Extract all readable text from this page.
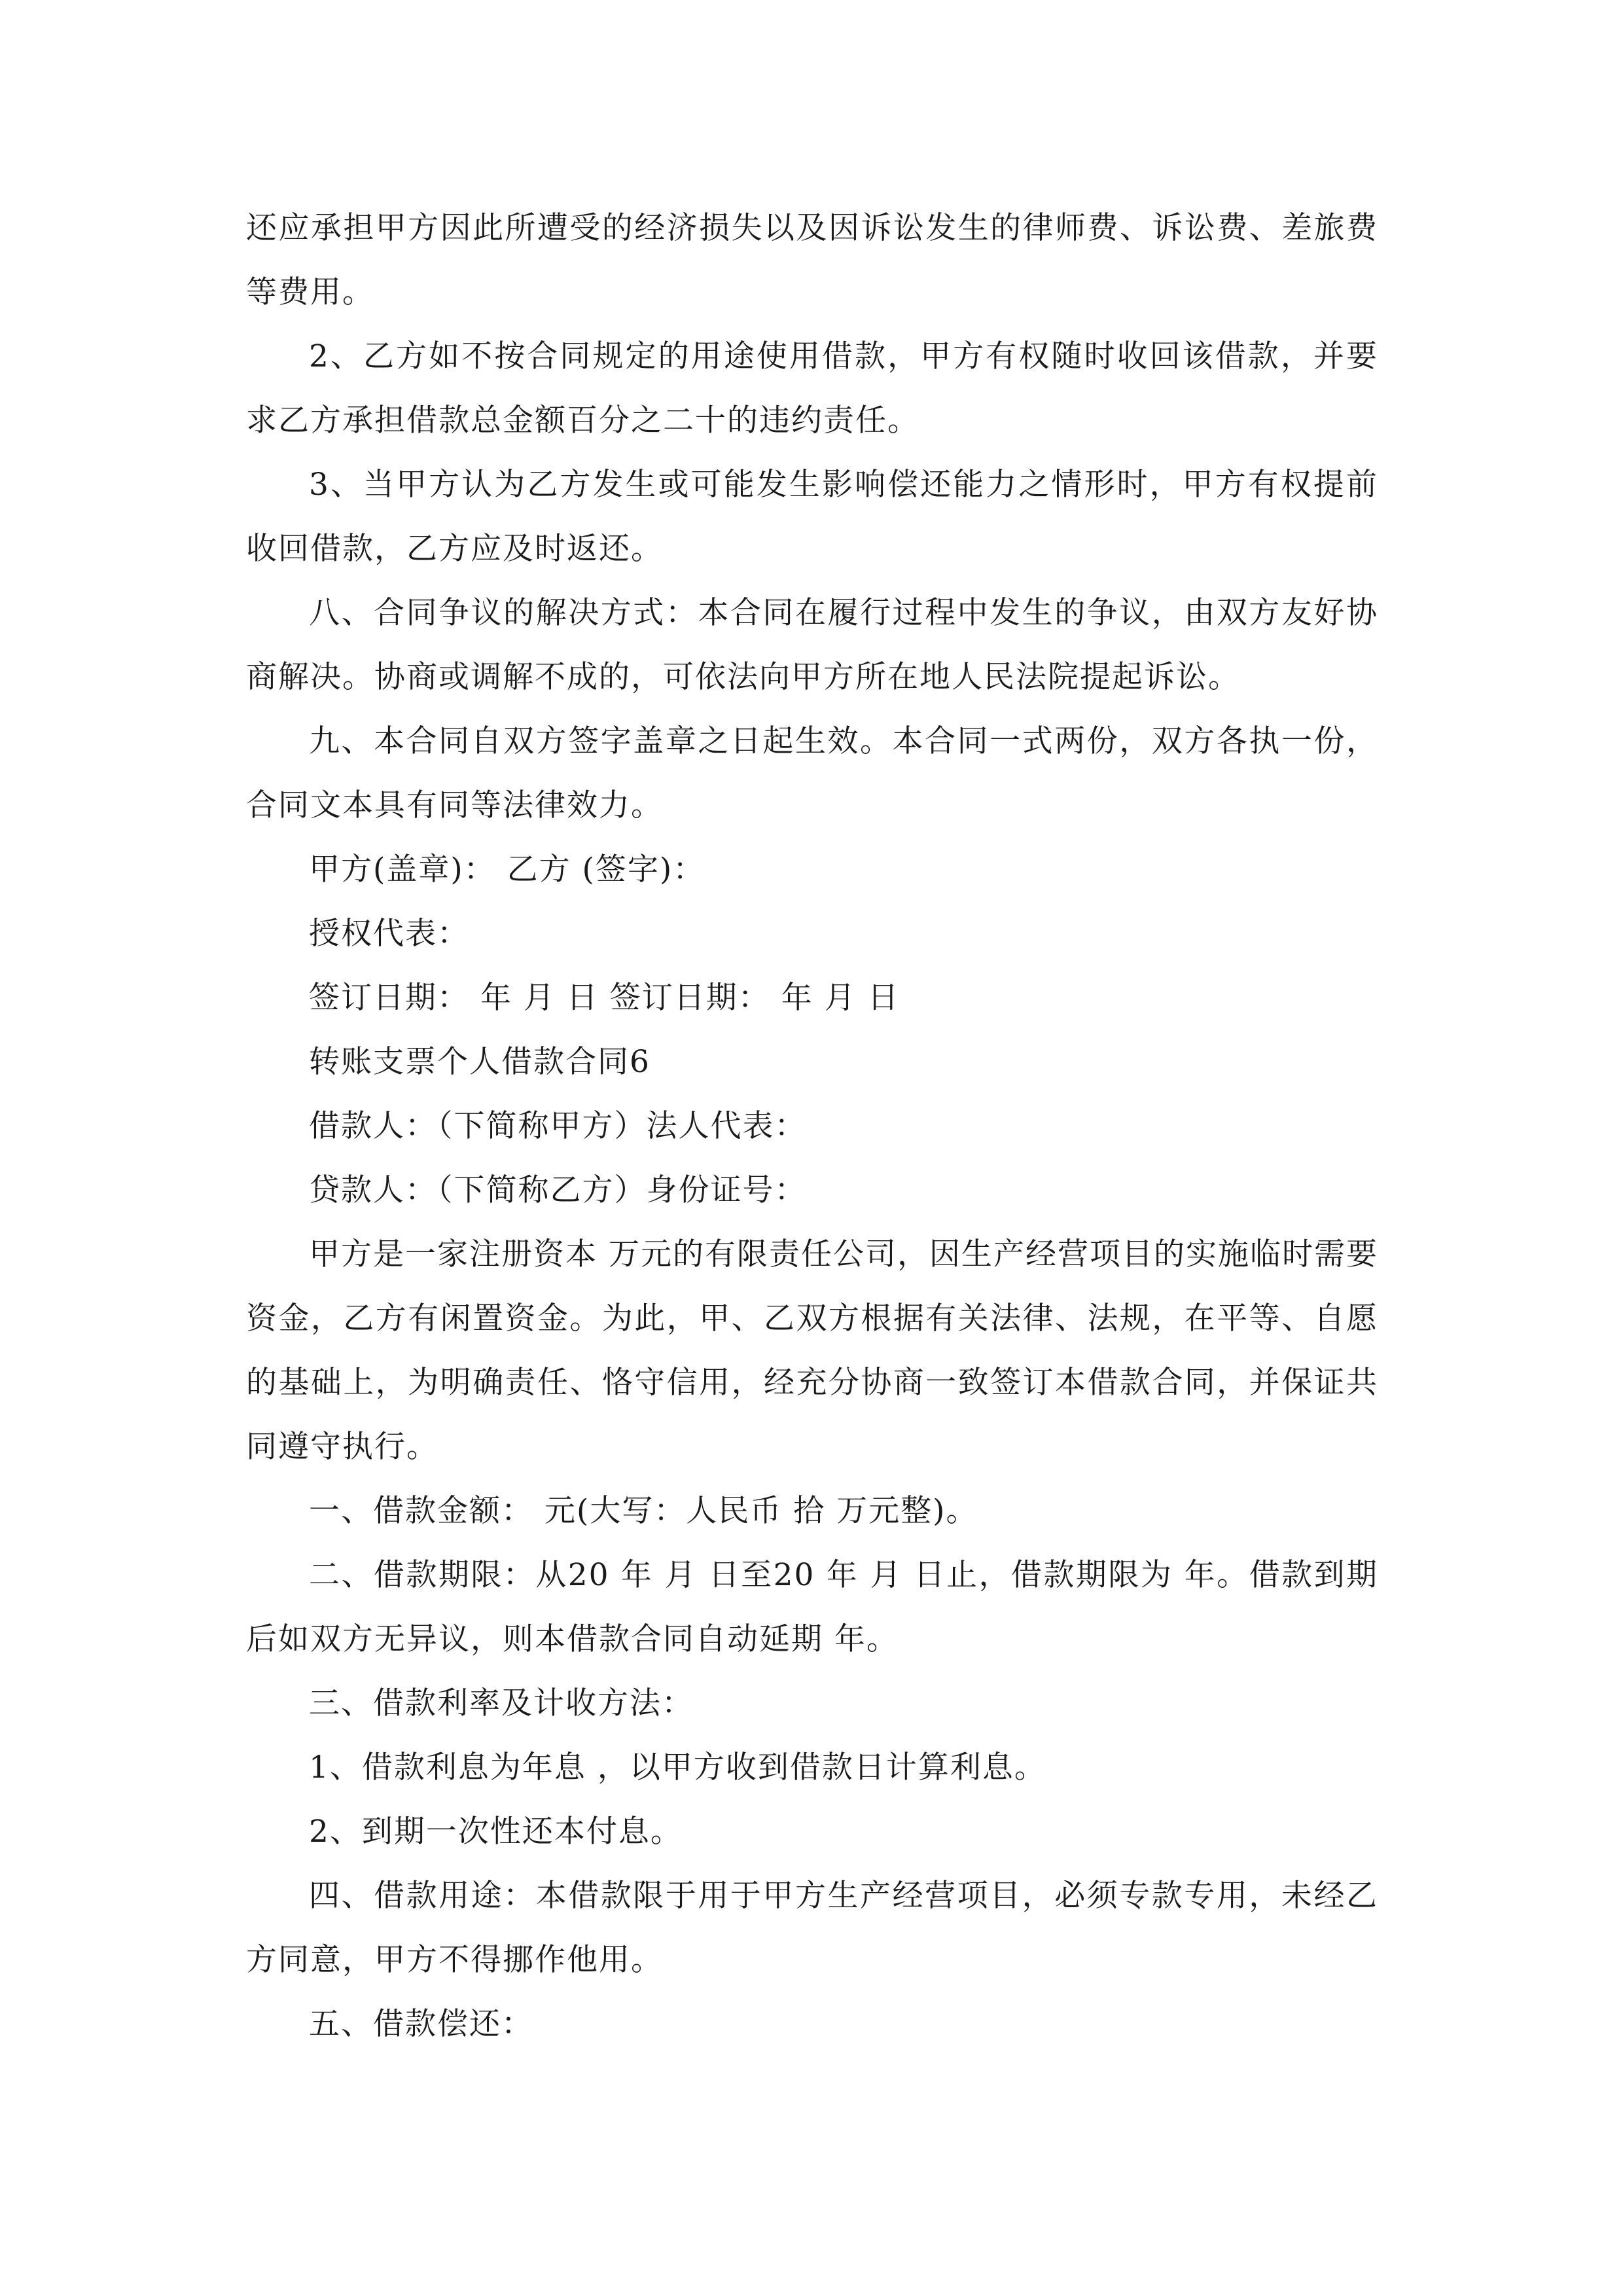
还应承担甲方因此所遭受的经济损失以及因诉讼发生的律师费、诉讼费、差旅费等费用。

2、乙方如不按合同规定的用途使用借款，甲方有权随时收回该借款，并要求乙方承担借款总金额百分之二十的违约责任。

3、当甲方认为乙方发生或可能发生影响偿还能力之情形时，甲方有权提前收回借款，乙方应及时返还。

八、合同争议的解决方式：本合同在履行过程中发生的争议，由双方友好协商解决。协商或调解不成的，可依法向甲方所在地人民法院提起诉讼。

九、本合同自双方签字盖章之日起生效。本合同一式两份，双方各执一份，合同文本具有同等法律效力。

甲方(盖章)： 乙方 (签字)：

授权代表：

签订日期： 年 月 日 签订日期： 年 月 日

转账支票个人借款合同6

借款人：（下简称甲方）法人代表：

贷款人：（下简称乙方）身份证号：

甲方是一家注册资本 万元的有限责任公司，因生产经营项目的实施临时需要资金，乙方有闲置资金。为此，甲、乙双方根据有关法律、法规，在平等、自愿的基础上，为明确责任、恪守信用，经充分协商一致签订本借款合同，并保证共同遵守执行。

一、借款金额： 元(大写：人民币 拾 万元整)。

二、借款期限：从20 年 月 日至20 年 月 日止，借款期限为 年。借款到期后如双方无异议，则本借款合同自动延期 年。

三、借款利率及计收方法：

1、借款利息为年息 ，以甲方收到借款日计算利息。

2、到期一次性还本付息。

四、借款用途：本借款限于用于甲方生产经营项目，必须专款专用，未经乙方同意，甲方不得挪作他用。

五、借款偿还：
